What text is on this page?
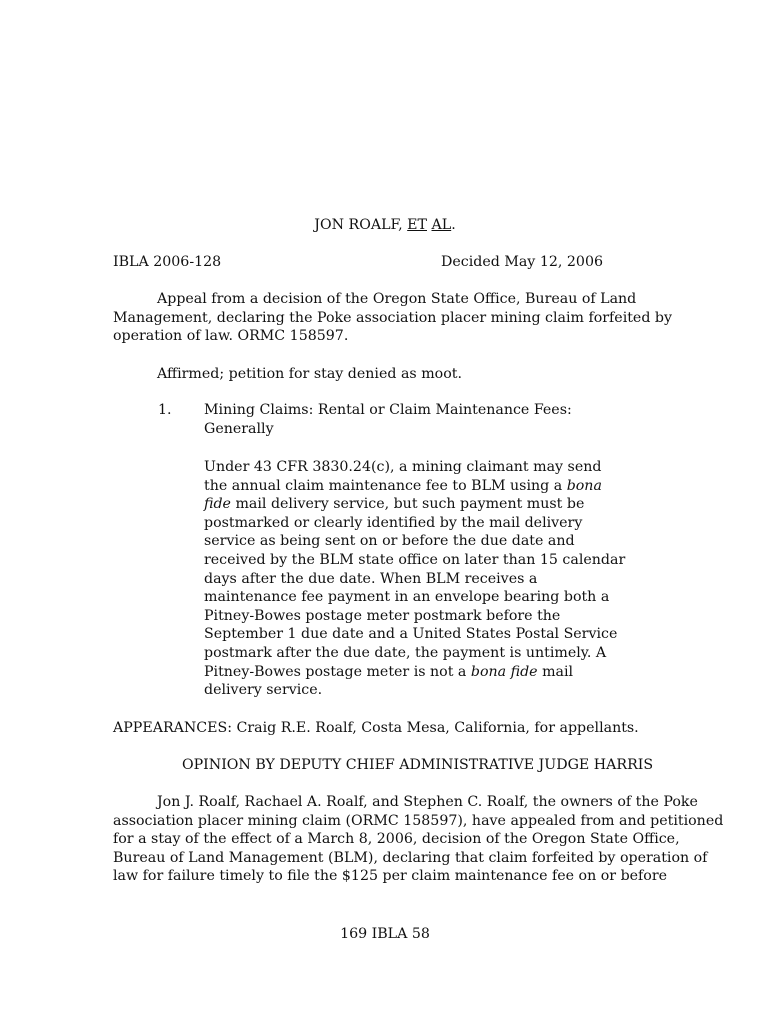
JON ROALF, ET AL.
IBLA 2006-128	Decided May 12, 2006
Appeal from a decision of the Oregon State Office, Bureau of Land
Management, declaring the Poke association placer mining claim forfeited by
operation of law. ORMC 158597.
Affirmed; petition for stay denied as moot.
1. Mining Claims: Rental or Claim Maintenance Fees:
Generally
Under 43 CFR 3830.24(c), a mining claimant may send
the annual claim maintenance fee to BLM using a bona
fide mail delivery service, but such payment must be
postmarked or clearly identified by the mail delivery
service as being sent on or before the due date and
received by the BLM state office on later than 15 calendar
days after the due date. When BLM receives a
maintenance fee payment in an envelope bearing both a
Pitney-Bowes postage meter postmark before the
September 1 due date and a United States Postal Service
postmark after the due date, the payment is untimely. A
Pitney-Bowes postage meter is not a bona fide mail
delivery service.
APPEARANCES: Craig R.E. Roalf, Costa Mesa, California, for appellants.
OPINION BY DEPUTY CHIEF ADMINISTRATIVE JUDGE HARRIS
Jon J. Roalf, Rachael A. Roalf, and Stephen C. Roalf, the owners of the Poke
association placer mining claim (ORMC 158597), have appealed from and petitioned
for a stay of the effect of a March 8, 2006, decision of the Oregon State Office,
Bureau of Land Management (BLM), declaring that claim forfeited by operation of
law for failure timely to file the $125 per claim maintenance fee on or before
169 IBLA 58
